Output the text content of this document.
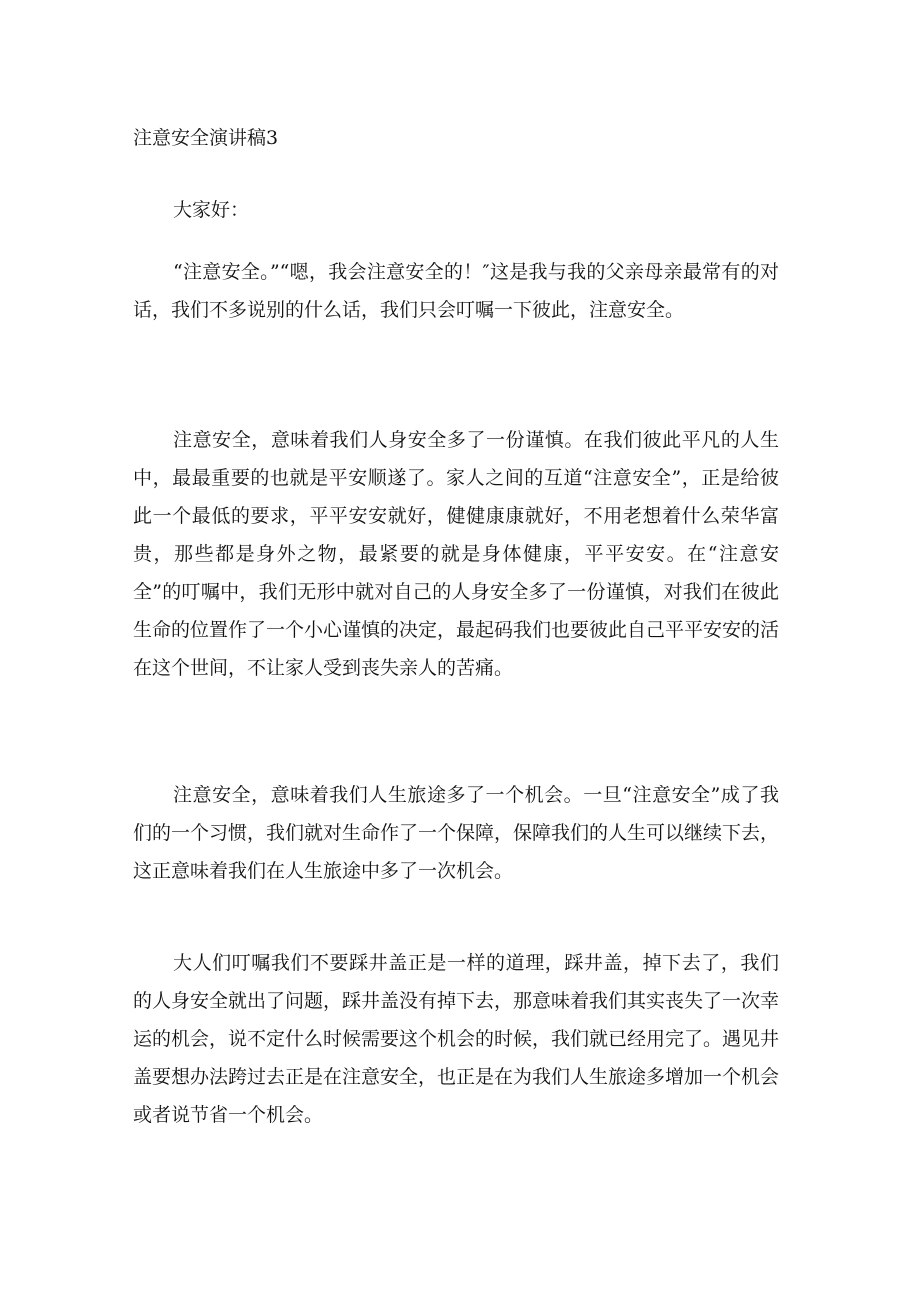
注意安全演讲稿3
大家好：

“注意安全。”“嗯，我会注意安全的！″这是我与我的父亲母亲最常有的对话，我们不多说别的什么话，我们只会叮嘱一下彼此，注意安全。

注意安全，意味着我们人身安全多了一份谨慎。在我们彼此平凡的人生中，最最重要的也就是平安顺遂了。家人之间的互道“注意安全”，正是给彼此一个最低的要求，平平安安就好，健健康康就好，不用老想着什么荣华富贵，那些都是身外之物，最紧要的就是身体健康，平平安安。在“注意安全”的叮嘱中，我们无形中就对自己的人身安全多了一份谨慎，对我们在彼此生命的位置作了一个小心谨慎的决定，最起码我们也要彼此自己平平安安的活在这个世间，不让家人受到丧失亲人的苦痛。

注意安全，意味着我们人生旅途多了一个机会。一旦“注意安全”成了我们的一个习惯，我们就对生命作了一个保障，保障我们的人生可以继续下去，这正意味着我们在人生旅途中多了一次机会。

大人们叮嘱我们不要踩井盖正是一样的道理，踩井盖，掉下去了，我们的人身安全就出了问题，踩井盖没有掉下去，那意味着我们其实丧失了一次幸运的机会，说不定什么时候需要这个机会的时候，我们就已经用完了。遇见井盖要想办法跨过去正是在注意安全，也正是在为我们人生旅途多增加一个机会或者说节省一个机会。
